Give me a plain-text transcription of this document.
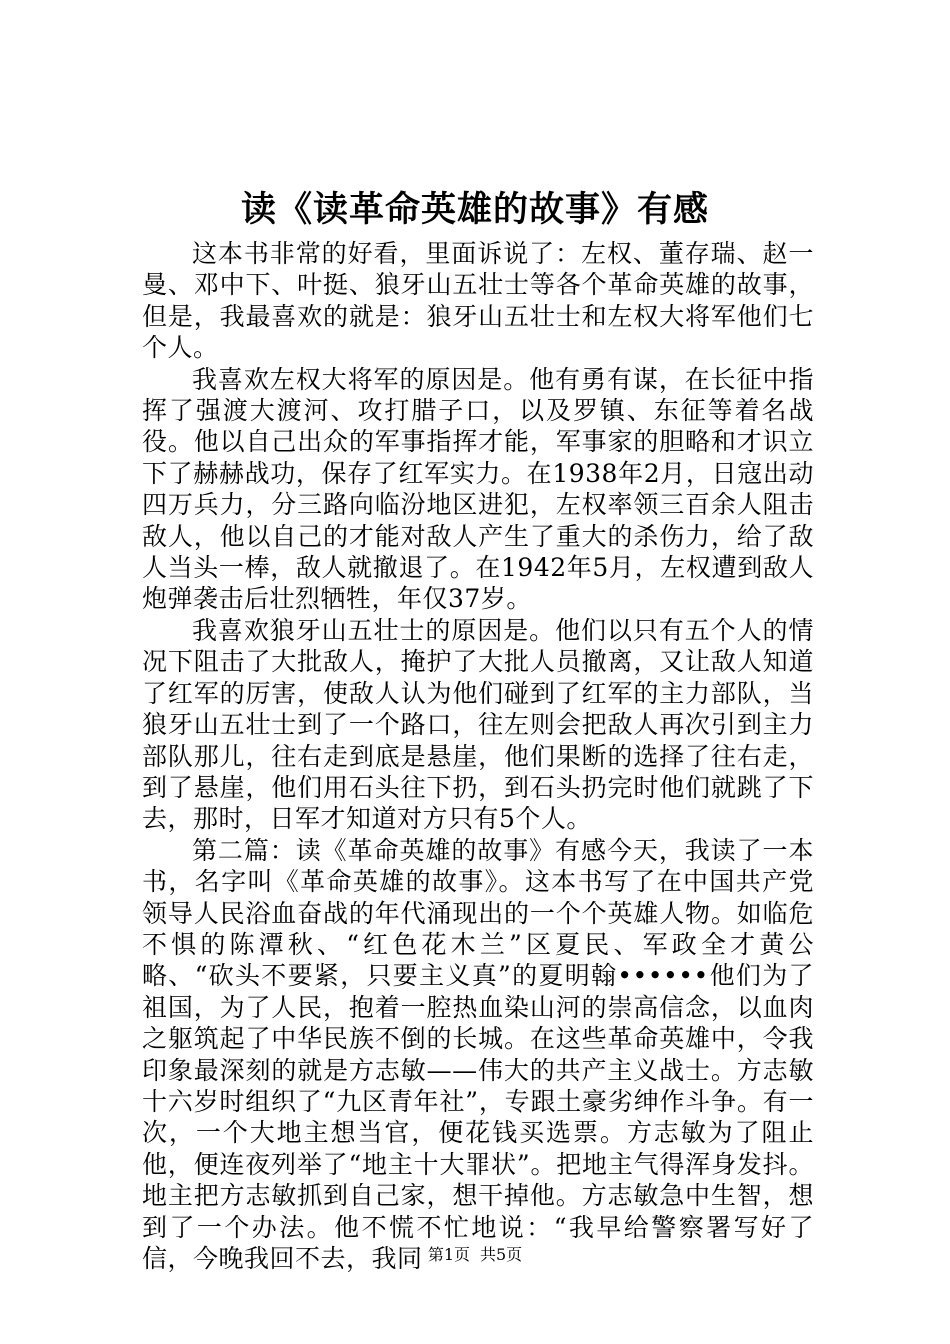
读《读革命英雄的故事》有感

这本书非常的好看，里面诉说了：左权、董存瑞、赵一曼、邓中下、叶挺、狼牙山五壮士等各个革命英雄的故事，但是，我最喜欢的就是：狼牙山五壮士和左权大将军他们七个人。

我喜欢左权大将军的原因是。他有勇有谋，在长征中指挥了强渡大渡河、攻打腊子口，以及罗镇、东征等着名战役。他以自己出众的军事指挥才能，军事家的胆略和才识立下了赫赫战功，保存了红军实力。在1938年2月，日寇出动四万兵力，分三路向临汾地区进犯，左权率领三百余人阻击敌人，他以自己的才能对敌人产生了重大的杀伤力，给了敌人当头一棒，敌人就撤退了。在1942年5月，左权遭到敌人炮弹袭击后壮烈牺牲，年仅37岁。

我喜欢狼牙山五壮士的原因是。他们以只有五个人的情况下阻击了大批敌人，掩护了大批人员撤离，又让敌人知道了红军的厉害，使敌人认为他们碰到了红军的主力部队，当狼牙山五壮士到了一个路口，往左则会把敌人再次引到主力部队那儿，往右走到底是悬崖，他们果断的选择了往右走，到了悬崖，他们用石头往下扔，到石头扔完时他们就跳了下去，那时，日军才知道对方只有5个人。

第二篇：读《革命英雄的故事》有感今天，我读了一本书，名字叫《革命英雄的故事》。这本书写了在中国共产党领导人民浴血奋战的年代涌现出的一个个英雄人物。如临危不惧的陈潭秋、“红色花木兰”区夏民、军政全才黄公略、“砍头不要紧，只要主义真”的夏明翰••••••他们为了祖国，为了人民，抱着一腔热血染山河的崇高信念，以血肉之躯筑起了中华民族不倒的长城。在这些革命英雄中，令我印象最深刻的就是方志敏——伟大的共产主义战士。方志敏十六岁时组织了“九区青年社”，专跟土豪劣绅作斗争。有一次，一个大地主想当官，便花钱买选票。方志敏为了阻止他，便连夜列举了“地主十大罪状”。把地主气得浑身发抖。地主把方志敏抓到自己家，想干掉他。方志敏急中生智，想到了一个办法。他不慌不忙地说：“我早给警察署写好了信，今晚我回不去，我同 第1页 共5页
